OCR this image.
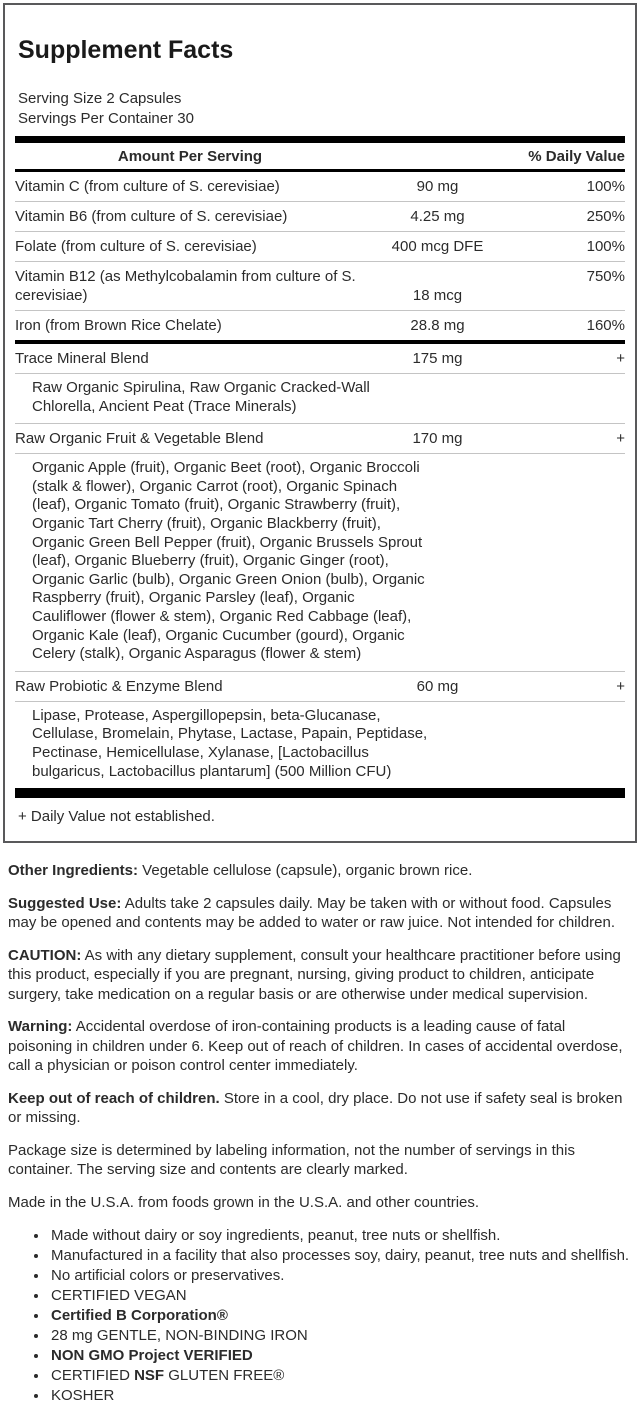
Supplement Facts
Serving Size 2 Capsules
Servings Per Container 30
Amount Per Serving		% Daily Value
Vitamin C (from culture of S. cerevisiae)	90 mg	100%
Vitamin B6 (from culture of S. cerevisiae)	4.25 mg	250%
Folate (from culture of S. cerevisiae)	400 mcg DFE	100%
Vitamin B12 (as Methylcobalamin from culture of S. cerevisiae)	18 mcg	750%
Iron (from Brown Rice Chelate)	28.8 mg	160%
Trace Mineral Blend	175 mg	+

Raw Organic Spirulina, Raw Organic Cracked-Wall Chlorella, Ancient Peat (Trace Minerals)		

Raw Organic Fruit & Vegetable Blend	170 mg	+

Organic Apple (fruit), Organic Beet (root), Organic Broccoli (stalk & flower), Organic Carrot (root), Organic Spinach (leaf), Organic Tomato (fruit), Organic Strawberry (fruit), Organic Tart Cherry (fruit), Organic Blackberry (fruit), Organic Green Bell Pepper (fruit), Organic Brussels Sprout (leaf), Organic Blueberry (fruit), Organic Ginger (root), Organic Garlic (bulb), Organic Green Onion (bulb), Organic Raspberry (fruit), Organic Parsley (leaf), Organic Cauliflower (flower & stem), Organic Red Cabbage (leaf), Organic Kale (leaf), Organic Cucumber (gourd), Organic Celery (stalk), Organic Asparagus (flower & stem)		

Raw Probiotic & Enzyme Blend	60 mg	+

Lipase, Protease, Aspergillopepsin, beta-Glucanase, Cellulase, Bromelain, Phytase, Lactase, Papain, Peptidase, Pectinase, Hemicellulase, Xylanase, [Lactobacillus bulgaricus, Lactobacillus plantarum] (500 Million CFU)		
+ Daily Value not established.

Other Ingredients: Vegetable cellulose (capsule), organic brown rice.

Suggested Use: Adults take 2 capsules daily. May be taken with or without food. Capsules may be opened and contents may be added to water or raw juice. Not intended for children.

CAUTION: As with any dietary supplement, consult your healthcare practitioner before using this product, especially if you are pregnant, nursing, giving product to children, anticipate surgery, take medication on a regular basis or are otherwise under medical supervision.

Warning: Accidental overdose of iron-containing products is a leading cause of fatal poisoning in children under 6. Keep out of reach of children. In cases of accidental overdose, call a physician or poison control center immediately.

Keep out of reach of children. Store in a cool, dry place. Do not use if safety seal is broken or missing.

Package size is determined by labeling information, not the number of servings in this container. The serving size and contents are clearly marked.

Made in the U.S.A. from foods grown in the U.S.A. and other countries.

• Made without dairy or soy ingredients, peanut, tree nuts or shellfish.
• Manufactured in a facility that also processes soy, dairy, peanut, tree nuts and shellfish.
• No artificial colors or preservatives.
• CERTIFIED VEGAN
• Certified B Corporation®
• 28 mg GENTLE, NON-BINDING IRON
• NON GMO Project VERIFIED
• CERTIFIED NSF GLUTEN FREE®
• KOSHER
